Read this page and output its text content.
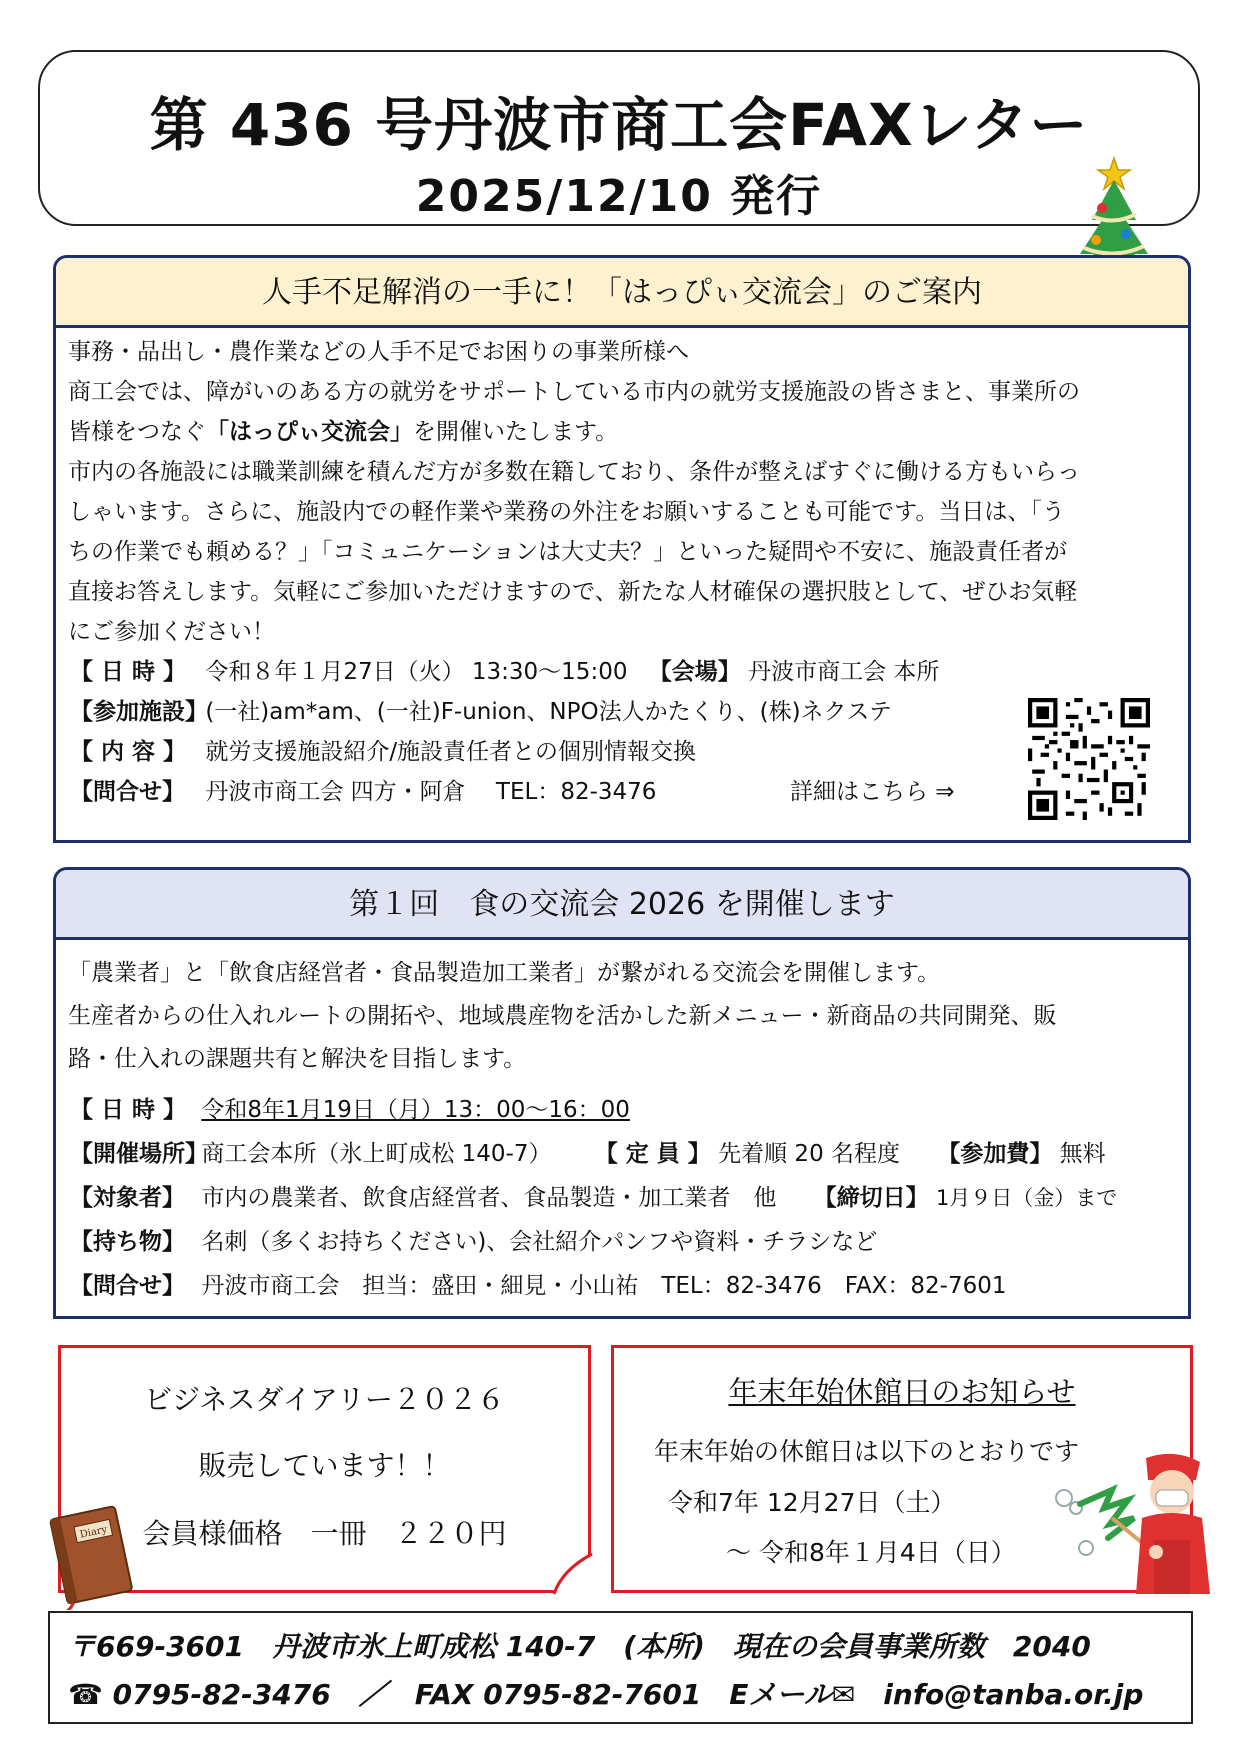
第 436 号丹波市商工会FAXレター
2025/12/10 発行
人手不足解消の一手に！「はっぴぃ交流会」のご案内
事務・品出し・農作業などの人手不足でお困りの事業所様へ
商工会では、障がいのある方の就労をサポートしている市内の就労支援施設の皆さまと、事業所の
皆様をつなぐ「はっぴぃ交流会」を開催いたします。
市内の各施設には職業訓練を積んだ方が多数在籍しており、条件が整えばすぐに働ける方もいらっ
しゃいます。さらに、施設内での軽作業や業務の外注をお願いすることも可能です。当日は、「う
ちの作業でも頼める？」「コミュニケーションは大丈夫？」といった疑問や不安に、施設責任者が
直接お答えします。気軽にご参加いただけますので、新たな人材確保の選択肢として、ぜひお気軽
にご参加ください！
【 日 時 】 令和８年１月27日（火） 13:30～15:00 【会場】 丹波市商工会 本所
【参加施設】 (一社)am*am、(一社)F-union、NPO法人かたくり、(株)ネクステ
【 内 容 】 就労支援施設紹介/施設責任者との個別情報交換
【問合せ】 丹波市商工会 四方・阿倉　 TEL：82-3476	詳細はこちら ⇒
第１回　食の交流会 2026 を開催します
「農業者」と「飲食店経営者・食品製造加工業者」が繋がれる交流会を開催します。
生産者からの仕入れルートの開拓や、地域農産物を活かした新メニュー・新商品の共同開発、販
路・仕入れの課題共有と解決を目指します。
【 日 時 】 令和8年1月19日（月）13：00～16：00
【開催場所】 商工会本所（氷上町成松 140-7） 【 定 員 】 先着順 20 名程度 【参加費】 無料
【対象者】 市内の農業者、飲食店経営者、食品製造・加工業者　他 【締切日】 1月９日（金）まで
【持ち物】 名刺（多くお持ちください)、会社紹介パンフや資料・チラシなど
【問合せ】 丹波市商工会　担当：盛田・細見・小山祐　TEL：82-3476　FAX：82-7601
ビジネスダイアリー２０２６
販売しています！！
会員様価格　一冊　２２０円
Diary
年末年始休館日のお知らせ
年末年始の休館日は以下のとおりです
令和7年 12月27日（土）
～ 令和8年１月4日（日）
〒669-3601　丹波市氷上町成松 140-7　(本所)　現在の会員事業所数　2040
☎ 0795-82-3476　／　FAX 0795-82-7601　Eメール✉　info@tanba.or.jp
